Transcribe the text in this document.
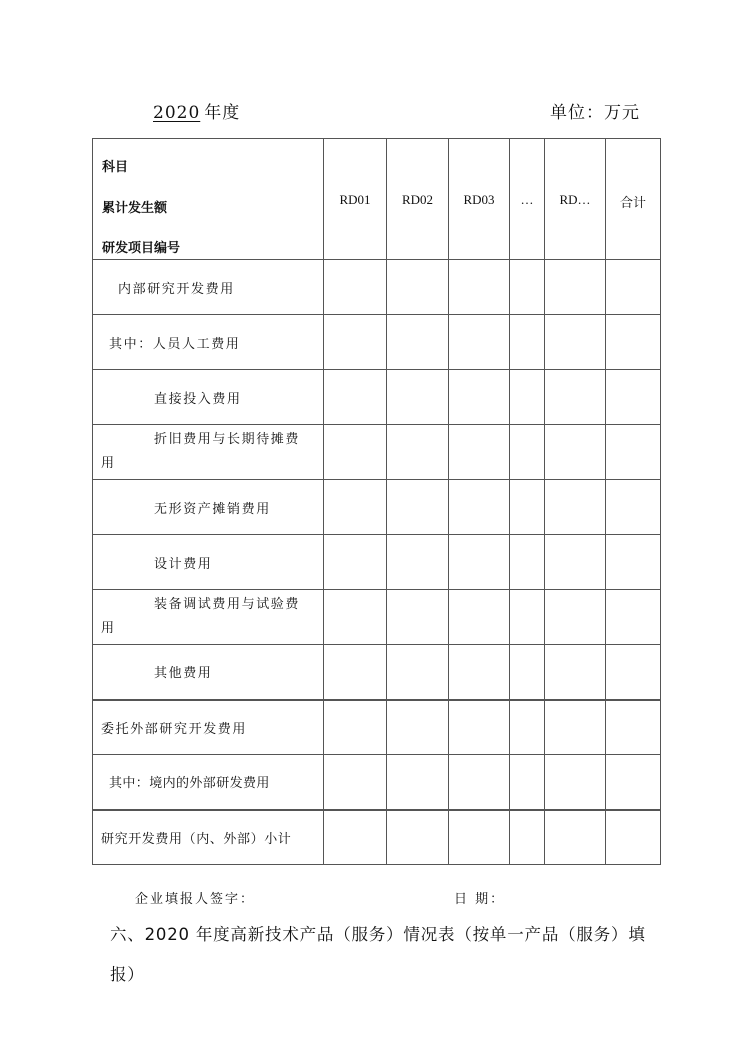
2020 年度	单位：万元
科目
累计发生额
研发项目编号	RD01	RD02	RD03	…	RD…	合计
内部研究开发费用						
其中：人员人工费用						
直接投入费用						

折旧费用与长期待摊费
用						

无形资产摊销费用						
设计费用						

装备调试费用与试验费
用						

其他费用						
委托外部研究开发费用						
其中：境内的外部研发费用						
研究开发费用（内、外部）小计						
企业填报人签字：	日 期：
六、2020 年度高新技术产品（服务）情况表（按单一产品（服务）填报）
